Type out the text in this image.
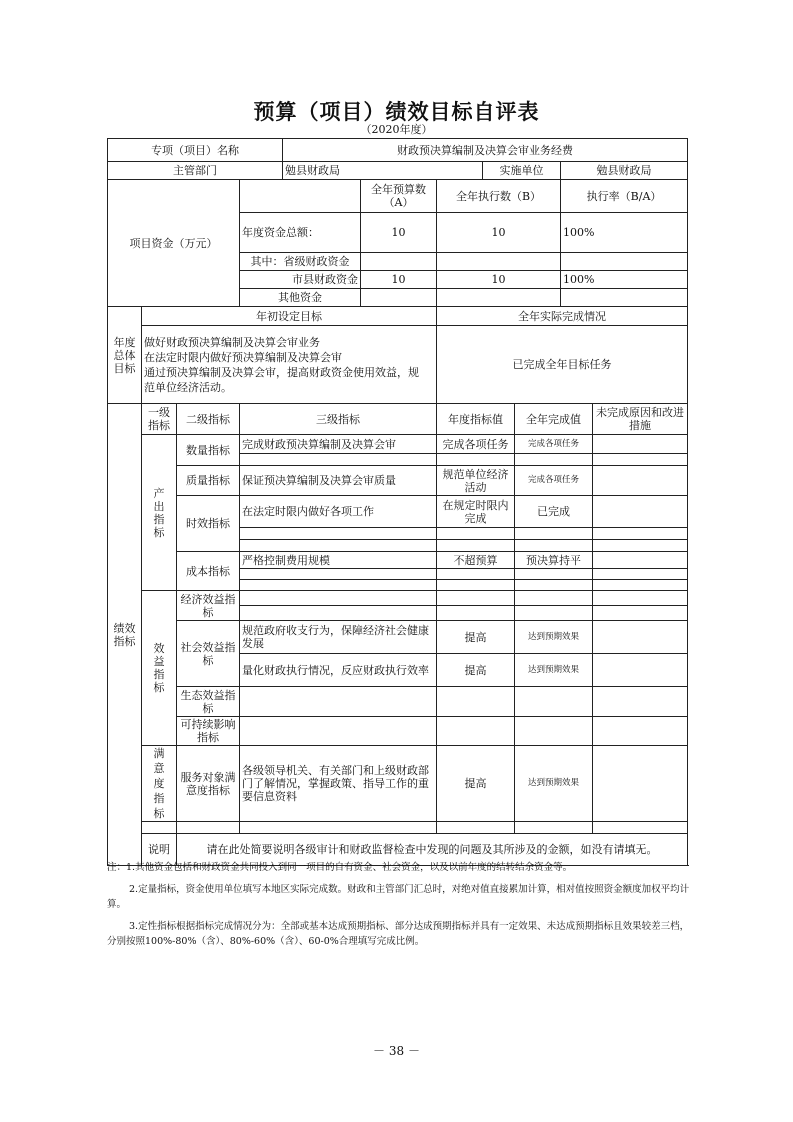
预算（项目）绩效目标自评表
（2020年度）
专项（项目）名称				财政预决算编制及决算会审业务经费						
主管部门				勉县财政局			实施单位		勉县财政局	
项目资金（万元）					全年预算数（A）	全年执行数（B）			执行率（B/A）	
			年度资金总额：		10	10			100%	
			其中：省级财政资金							
			市县财政资金		10	10			100%	
			其他资金							
年度总体目标	年初设定目标					全年实际完成情况				

	做好财政预决算编制及决算会审业务
在法定时限内做好预决算编制及决算会审
通过预决算编制及决算会审，提高财政资金使用效益，规范单位经济活动。					已完成全年目标任务				
绩效指标	一级指标	二级指标	三级指标			年度指标值		全年完成值		未完成原因和改进措施
	产出指标	数量指标	完成财政预决算编制及决算会审			完成各项任务		完成各项任务		

		质量指标	保证预决算编制及决算会审质量			规范单位经济活动		完成各项任务		
		时效指标	在法定时限内做好各项工作			在规定时限内完成		已完成		

		成本指标	严格控制费用规模			不超预算		预决算持平		

	效益指标	经济效益指标								

		社会效益指标	规范政府收支行为，保障经济社会健康发展			提高		达到预期效果		
			量化财政执行情况，反应财政执行效率			提高		达到预期效果		
		生态效益指标								
		可持续影响指标								
	满意度指标	服务对象满意度指标	各级领导机关、有关部门和上级财政部门了解情况，掌握政策、指导工作的重要信息资料			提高		达到预期效果		

	说明	请在此处简要说明各级审计和财政监督检查中发现的问题及其所涉及的金额，如没有请填无。								
注：1.其他资金包括和财政资金共同投入到同一项目的自有资金、社会资金，以及以前年度的结转结余资金等。
2.定量指标，资金使用单位填写本地区实际完成数。财政和主管部门汇总时，对绝对值直接累加计算，相对值按照资金额度加权平均计算。
3.定性指标根据指标完成情况分为：全部或基本达成预期指标、部分达成预期指标并具有一定效果、未达成预期指标且效果较差三档，分别按照100%-80%（含）、80%-60%（含）、60-0%合理填写完成比例。
－ 38 －
